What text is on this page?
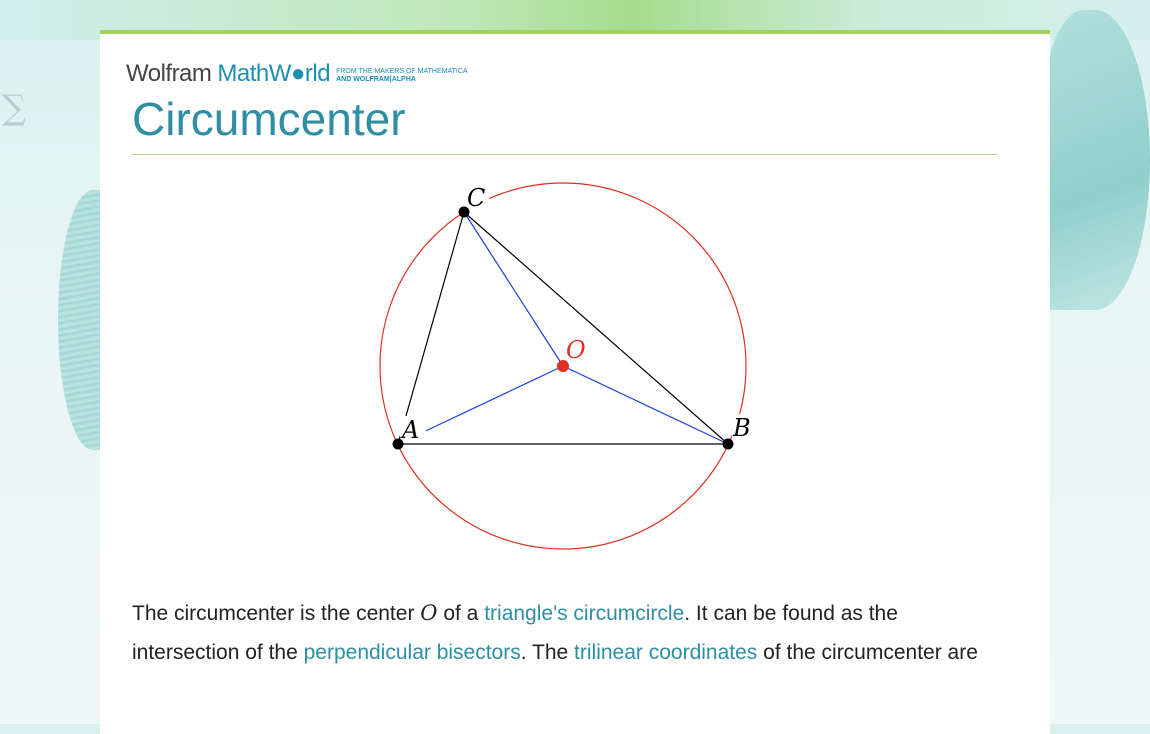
∑
Wolfram MathW●rld FROM THE MAKERS OF MATHEMATICA
AND WOLFRAM|ALPHA
Circumcenter
A	B
C
O

The circumcenter is the center O of a triangle's circumcircle. It can be found as the intersection of the perpendicular bisectors. The trilinear coordinates of the circumcenter are
